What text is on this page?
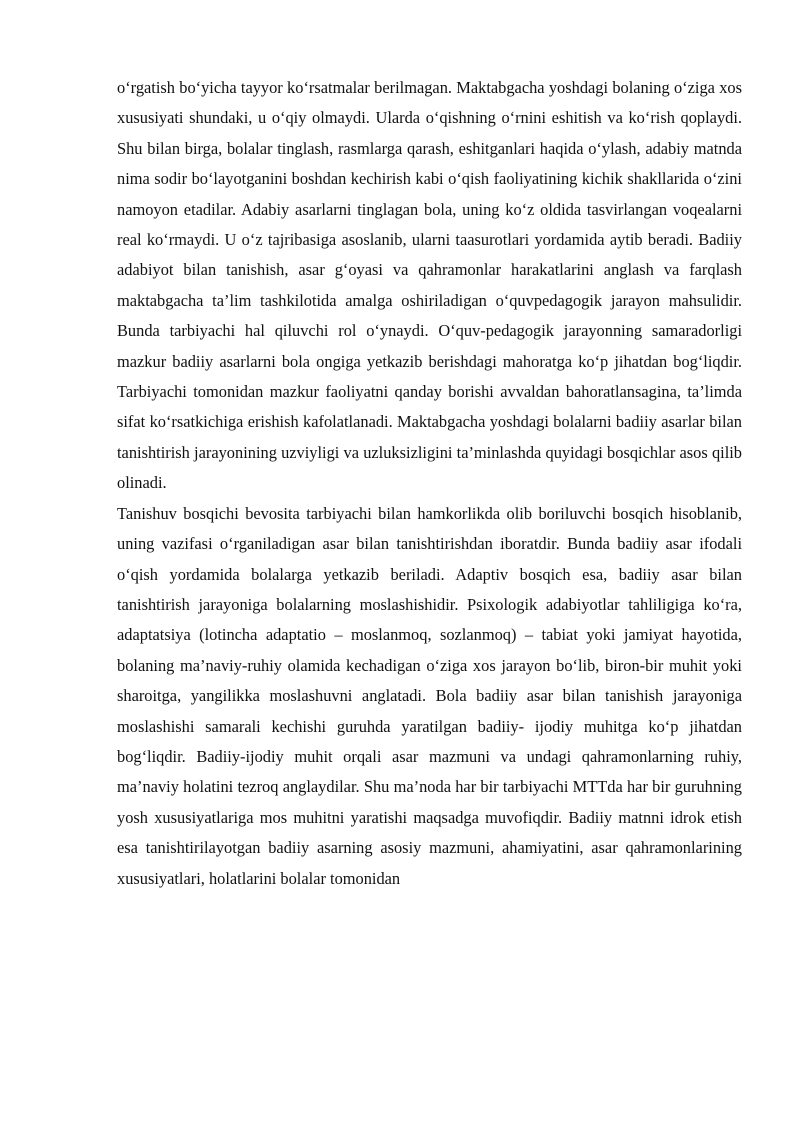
o‘rgatish bo‘yicha tayyor ko‘rsatmalar berilmagan. Maktabgacha yoshdagi bolaning o‘ziga xos xususiyati shundaki, u o‘qiy olmaydi. Ularda o‘qishning o‘rnini eshitish va ko‘rish qoplaydi. Shu bilan birga, bolalar tinglash, rasmlarga qarash, eshitganlari haqida o‘ylash, adabiy matnda nima sodir bo‘layotganini boshdan kechirish kabi o‘qish faoliyatining kichik shakllarida o‘zini namoyon etadilar. Adabiy asarlarni tinglagan bola, uning ko‘z oldida tasvirlangan voqealarni real ko‘rmaydi. U o‘z tajribasiga asoslanib, ularni taasurotlari yordamida aytib beradi. Badiiy adabiyot bilan tanishish, asar g‘oyasi va qahramonlar harakatlarini anglash va farqlash maktabgacha ta’lim tashkilotida amalga oshiriladigan o‘quvpedagogik jarayon mahsulidir. Bunda tarbiyachi hal qiluvchi rol o‘ynaydi. O‘quv-pedagogik jarayonning samaradorligi mazkur badiiy asarlarni bola ongiga yetkazib berishdagi mahoratga ko‘p jihatdan bog‘liqdir. Tarbiyachi tomonidan mazkur faoliyatni qanday borishi avvaldan bahoratlansagina, ta’limda sifat ko‘rsatkichiga erishish kafolatlanadi. Maktabgacha yoshdagi bolalarni badiiy asarlar bilan tanishtirish jarayonining uzviyligi va uzluksizligini ta’minlashda quyidagi bosqichlar asos qilib olinadi.

Tanishuv bosqichi bevosita tarbiyachi bilan hamkorlikda olib boriluvchi bosqich hisoblanib, uning vazifasi o‘rganiladigan asar bilan tanishtirishdan iboratdir. Bunda badiiy asar ifodali o‘qish yordamida bolalarga yetkazib beriladi. Adaptiv bosqich esa, badiiy asar bilan tanishtirish jarayoniga bolalarning moslashishidir. Psixologik adabiyotlar tahliligiga ko‘ra, adaptatsiya (lotincha adaptatio – moslanmoq, sozlanmoq) – tabiat yoki jamiyat hayotida, bolaning ma’naviy-ruhiy olamida kechadigan o‘ziga xos jarayon bo‘lib, biron-bir muhit yoki sharoitga, yangilikka moslashuvni anglatadi. Bola badiiy asar bilan tanishish jarayoniga moslashishi samarali kechishi guruhda yaratilgan badiiy- ijodiy muhitga ko‘p jihatdan bog‘liqdir. Badiiy-ijodiy muhit orqali asar mazmuni va undagi qahramonlarning ruhiy, ma’naviy holatini tezroq anglaydilar. Shu ma’noda har bir tarbiyachi MTTda har bir guruhning yosh xususiyatlariga mos muhitni yaratishi maqsadga muvofiqdir. Badiiy matnni idrok etish esa tanishtirilayotgan badiiy asarning asosiy mazmuni, ahamiyatini, asar qahramonlarining xususiyatlari, holatlarini bolalar tomonidan
